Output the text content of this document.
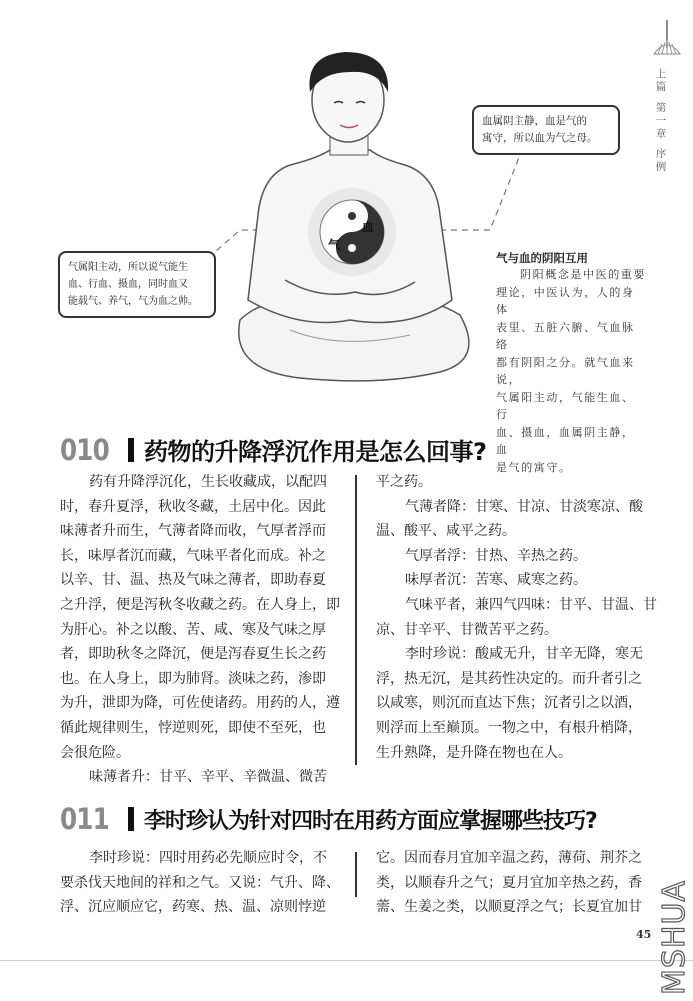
上
篇
第
一
章
序
例
血
气
血属阴主静，血是气的
寓守，所以血为气之母。
气属阳主动，所以说气能生
血、行血、摄血，同时血又
能载气、养气，气为血之帅。
气与血的阴阳互用
阴阳概念是中医的重要
理论，中医认为，人的身体
表里、五脏六腑、气血脉络
都有阴阳之分。就气血来说，
气属阳主动，气能生血、行
血、摄血，血属阴主静，血
是气的寓守。
010 药物的升降浮沉作用是怎么回事?
药有升降浮沉化，生长收藏成，以配四
时，春升夏浮，秋收冬藏，土居中化。因此
味薄者升而生，气薄者降而收，气厚者浮而
长，味厚者沉而藏，气味平者化而成。补之
以辛、甘、温、热及气味之薄者，即助春夏
之升浮，便是泻秋冬收藏之药。在人身上，即
为肝心。补之以酸、苦、咸、寒及气味之厚
者，即助秋冬之降沉，便是泻春夏生长之药
也。在人身上，即为肺肾。淡味之药，渗即
为升，泄即为降，可佐使诸药。用药的人，遵
循此规律则生，悖逆则死，即使不至死，也
会很危险。
味薄者升：甘平、辛平、辛微温、微苦
平之药。
气薄者降：甘寒、甘凉、甘淡寒凉、酸
温、酸平、咸平之药。
气厚者浮：甘热、辛热之药。
味厚者沉：苦寒、咸寒之药。
气味平者，兼四气四味：甘平、甘温、甘
凉、甘辛平、甘微苦平之药。
李时珍说：酸咸无升，甘辛无降，寒无
浮，热无沉，是其药性决定的。而升者引之
以咸寒，则沉而直达下焦；沉者引之以酒，
则浮而上至巅顶。一物之中，有根升梢降，
生升熟降，是升降在物也在人。
011 李时珍认为针对四时在用药方面应掌握哪些技巧?
李时珍说：四时用药必先顺应时令，不
要杀伐天地间的祥和之气。又说：气升、降、
浮、沉应顺应它，药寒、热、温、凉则悖逆
它。因而春月宜加辛温之药，薄荷、荆芥之
类，以顺春升之气；夏月宜加辛热之药，香
薷、生姜之类，以顺夏浮之气；长夏宜加甘
45 MSHUA
